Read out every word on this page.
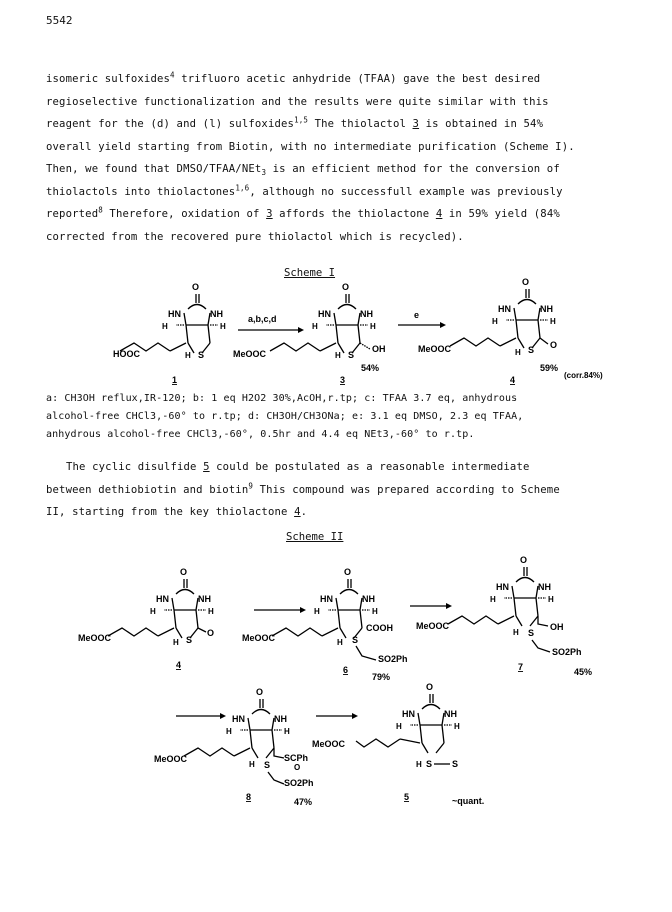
5542
isomeric sulfoxides$^4$ trifluoro acetic anhydride (TFAA) gave the best desired
regioselective functionalization and the results were quite similar with this
reagent for the (d) and (l) sulfoxides$^{1,5}$ The thiolactol 3 is obtained in 54%
overall yield starting from Biotin, with no intermediate purification (Scheme I).
Then, we found that DMSO/TFAA/NEt$_3$ is an efficient method for the conversion of
thiolactols into thiolactones$^{1,6}$, although no successfull example was previously
reported$^8$ Therefore, oxidation of 3 affords the thiolactone 4 in 59% yield (84%
corrected from the recovered pure thiolactol which is recycled).
Scheme I
HN	NH
O
H	H
H S
HOOC
1
a,b,c,d	HN	NH
O
H	H
H S
MeOOC	OH
54%
3
e
HN	NH
O
H	H
H S
MeOOC	O
59%
(corr.84%)
4
a: CH3OH reflux,IR-120; b: 1 eq H2O2 30%,AcOH,r.tp; c: TFAA 3.7 eq, anhydrous
alcohol-free CHCl3,-60° to r.tp; d: CH3OH/CH3ONa; e: 3.1 eq DMSO, 2.3 eq TFAA,
anhydrous alcohol-free CHCl3,-60°, 0.5hr and 4.4 eq NEt3,-60° to r.tp.
The cyclic disulfide 5 could be postulated as a reasonable intermediate
between dethiobiotin and biotin$^9$ This compound was prepared according to Scheme
II, starting from the key thiolactone 4.
Scheme II
HN	NH
O
H	H
H S
O
MeOOC
4
HN	NH
O
H	H
H S
MeOOC
COOH
SO2Ph
79%
6
HN	NH
O
H	H
H S
MeOOC	OH
SO2Ph
45%
7
HN	NH
O
H	H
H S
MeOOC	SCPh
O
SO2Ph
47%
8
HN	NH
O
H	H
H S S
MeOOC
~quant.
5
